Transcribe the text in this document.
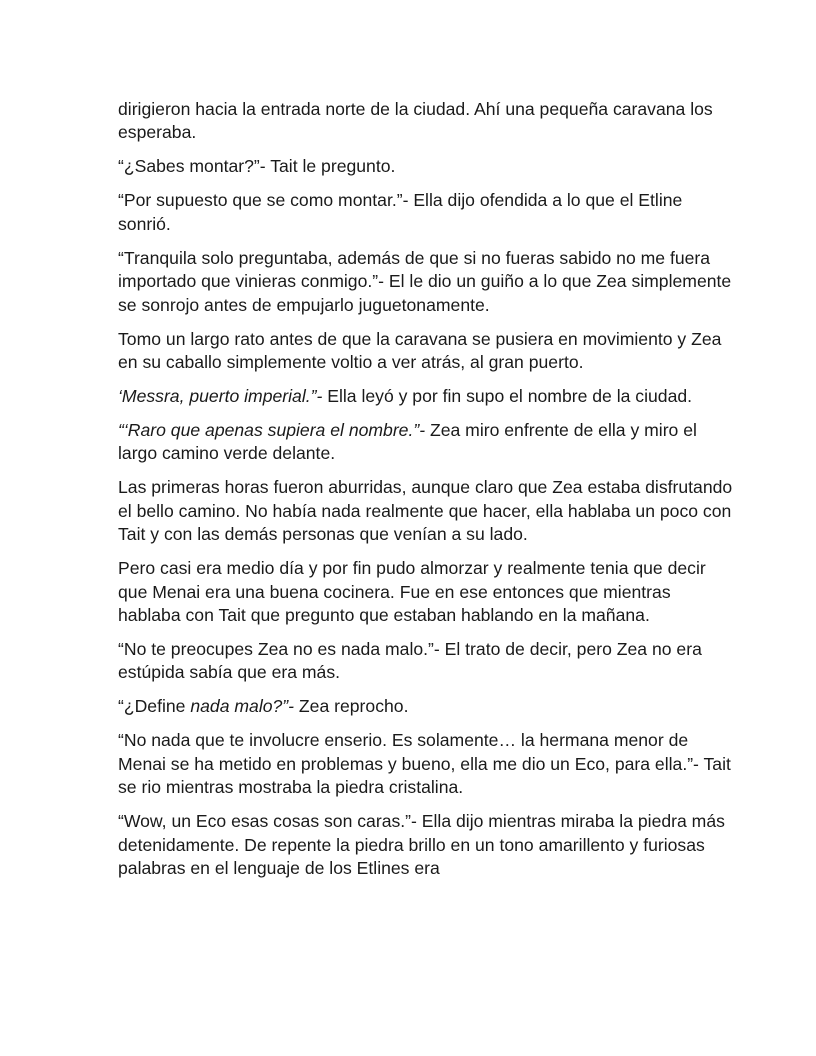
dirigieron hacia la entrada norte de la ciudad. Ahí una pequeña caravana los esperaba.

“¿Sabes montar?”- Tait le pregunto.

“Por supuesto que se como montar.”- Ella dijo ofendida a lo que el Etline sonrió.

“Tranquila solo preguntaba, además de que si no fueras sabido no me fuera importado que vinieras conmigo.”- El le dio un guiño a lo que Zea simplemente se sonrojo antes de empujarlo juguetonamente.

Tomo un largo rato antes de que la caravana se pusiera en movimiento y Zea en su caballo simplemente voltio a ver atrás, al gran puerto.

‘Messra, puerto imperial.”- Ella leyó y por fin supo el nombre de la ciudad.

“‘Raro que apenas supiera el nombre.”- Zea miro enfrente de ella y miro el largo camino verde delante.

Las primeras horas fueron aburridas, aunque claro que Zea estaba disfrutando el bello camino. No había nada realmente que hacer, ella hablaba un poco con Tait y con las demás personas que venían a su lado.

Pero casi era medio día y por fin pudo almorzar y realmente tenia que decir que Menai era una buena cocinera. Fue en ese entonces que mientras hablaba con Tait que pregunto que estaban hablando en la mañana.

“No te preocupes Zea no es nada malo.”- El trato de decir, pero Zea no era estúpida sabía que era más.

“¿Define nada malo?”- Zea reprocho.

“No nada que te involucre enserio. Es solamente… la hermana menor de Menai se ha metido en problemas y bueno, ella me dio un Eco, para ella.”- Tait se rio mientras mostraba la piedra cristalina.

“Wow, un Eco esas cosas son caras.”- Ella dijo mientras miraba la piedra más detenidamente. De repente la piedra brillo en un tono amarillento y furiosas palabras en el lenguaje de los Etlines era
